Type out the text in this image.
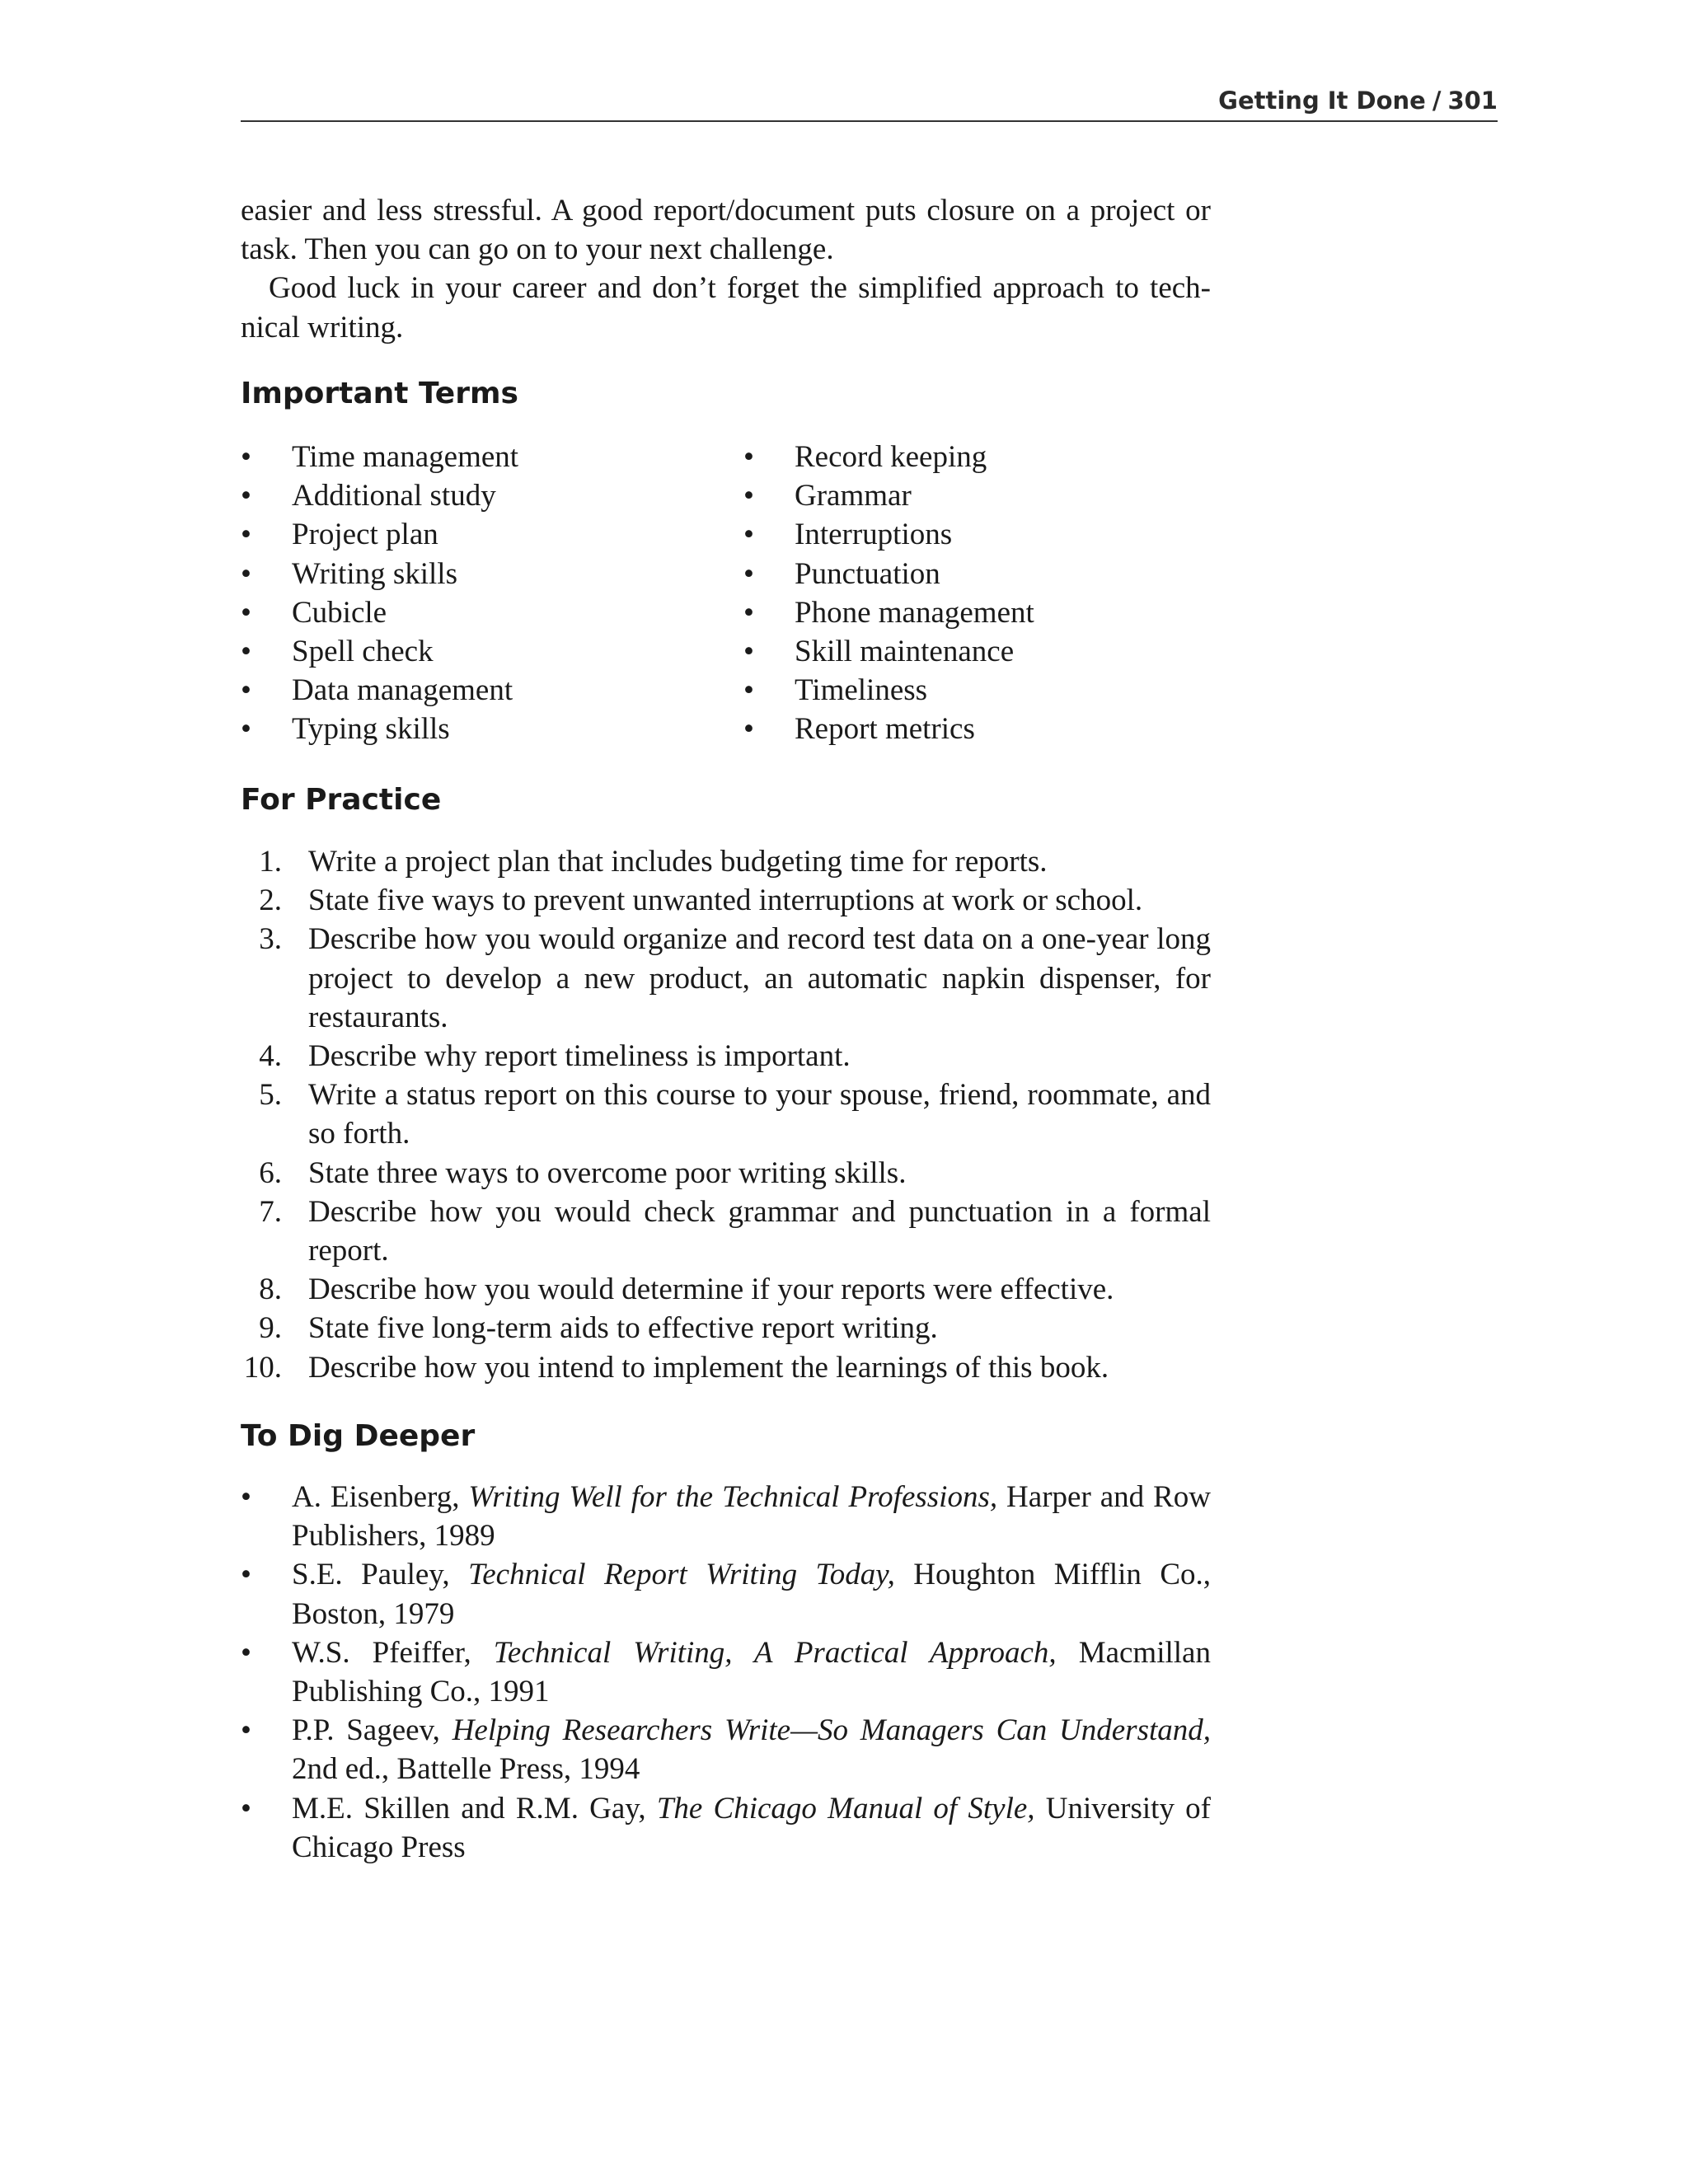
Getting It Done / 301

easier and less stressful. A good report/document puts closure on a project or task. Then you can go on to your next challenge.

Good luck in your career and don’t forget the simplified approach to technical writing.

Important Terms
• Time management
• Additional study
• Project plan
• Writing skills
• Cubicle
• Spell check
• Data management
• Typing skills
• Record keeping
• Grammar
• Interruptions
• Punctuation
• Phone management
• Skill maintenance
• Timeliness
• Report metrics
For Practice
1. Write a project plan that includes budgeting time for reports.
2. State five ways to prevent unwanted interruptions at work or school.
3. Describe how you would organize and record test data on a one-year long project to develop a new product, an automatic napkin dispenser, for restaurants.
4. Describe why report timeliness is important.
5. Write a status report on this course to your spouse, friend, roommate, and so forth.
6. State three ways to overcome poor writing skills.
7. Describe how you would check grammar and punctuation in a formal report.
8. Describe how you would determine if your reports were effective.
9. State five long-term aids to effective report writing.
10. Describe how you intend to implement the learnings of this book.
To Dig Deeper
• A. Eisenberg, Writing Well for the Technical Professions, Harper and Row Publishers, 1989
• S.E. Pauley, Technical Report Writing Today, Houghton Mifflin Co., Boston, 1979
• W.S. Pfeiffer, Technical Writing, A Practical Approach, Macmillan Publishing Co., 1991
• P.P. Sageev, Helping Researchers Write—So Managers Can Understand, 2nd ed., Battelle Press, 1994
• M.E. Skillen and R.M. Gay, The Chicago Manual of Style, University of Chicago Press
